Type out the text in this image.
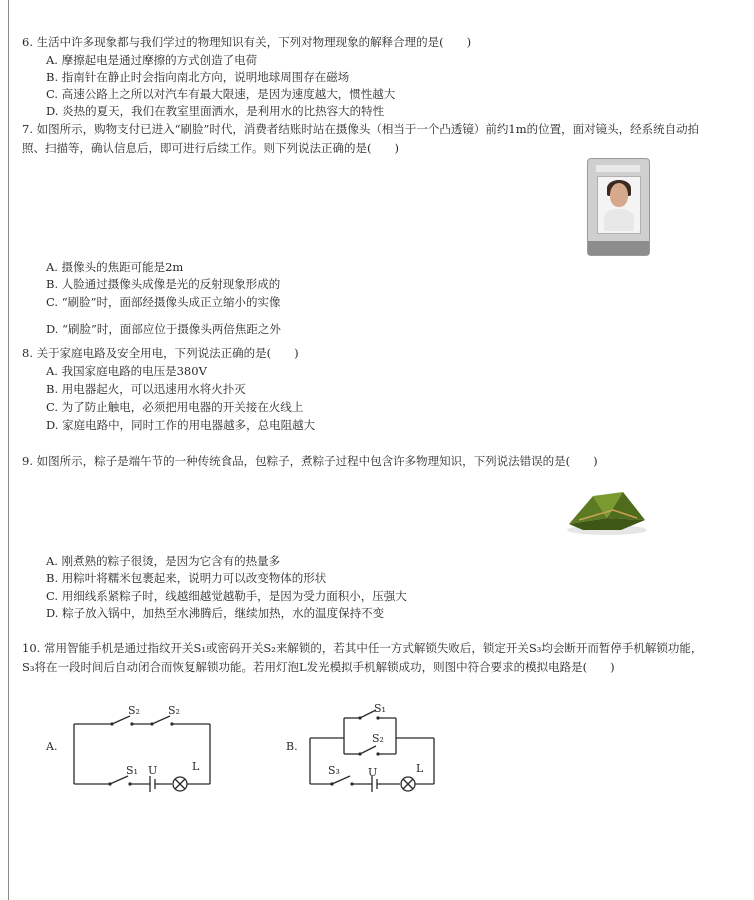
6. 生活中许多现象都与我们学过的物理知识有关，下列对物理现象的解释合理的是(　　)
A. 摩擦起电是通过摩擦的方式创造了电荷
B. 指南针在静止时会指向南北方向，说明地球周围存在磁场
C. 高速公路上之所以对汽车有最大限速，是因为速度越大，惯性越大
D. 炎热的夏天，我们在教室里面洒水，是利用水的比热容大的特性
7. 如图所示，购物支付已进入“刷脸”时代，消费者结账时站在摄像头（相当于一个凸透镜）前约1m的位置，面对镜头，经系统自动拍照、扫描等，确认信息后，即可进行后续工作。则下列说法正确的是(　　)
A. 摄像头的焦距可能是2m
B. 人脸通过摄像头成像是光的反射现象形成的
C. “刷脸”时，面部经摄像头成正立缩小的实像
D. “刷脸”时，面部应位于摄像头两倍焦距之外
8. 关于家庭电路及安全用电，下列说法正确的是(　　)
A. 我国家庭电路的电压是380V
B. 用电器起火，可以迅速用水将火扑灭
C. 为了防止触电，必须把用电器的开关接在火线上
D. 家庭电路中，同时工作的用电器越多，总电阻越大
9. 如图所示，粽子是端午节的一种传统食品，包粽子，煮粽子过程中包含许多物理知识，下列说法错误的是(　　)
A. 刚煮熟的粽子很烫，是因为它含有的热量多
B. 用粽叶将糯米包裹起来，说明力可以改变物体的形状
C. 用细线系紧粽子时，线越细越觉越勒手，是因为受力面积小，压强大
D. 粽子放入锅中，加热至水沸腾后，继续加热，水的温度保持不变
10. 常用智能手机是通过指纹开关S₁或密码开关S₂来解锁的，若其中任一方式解锁失败后，锁定开关S₃均会断开而暂停手机解锁功能，S₃将在一段时间后自动闭合而恢复解锁功能。若用灯泡L发光模拟手机解锁成功，则图中符合要求的模拟电路是(　　)
A.
S₂	S₂
S₁ U	L
B.
S₁
S₂
S₃	U	L
